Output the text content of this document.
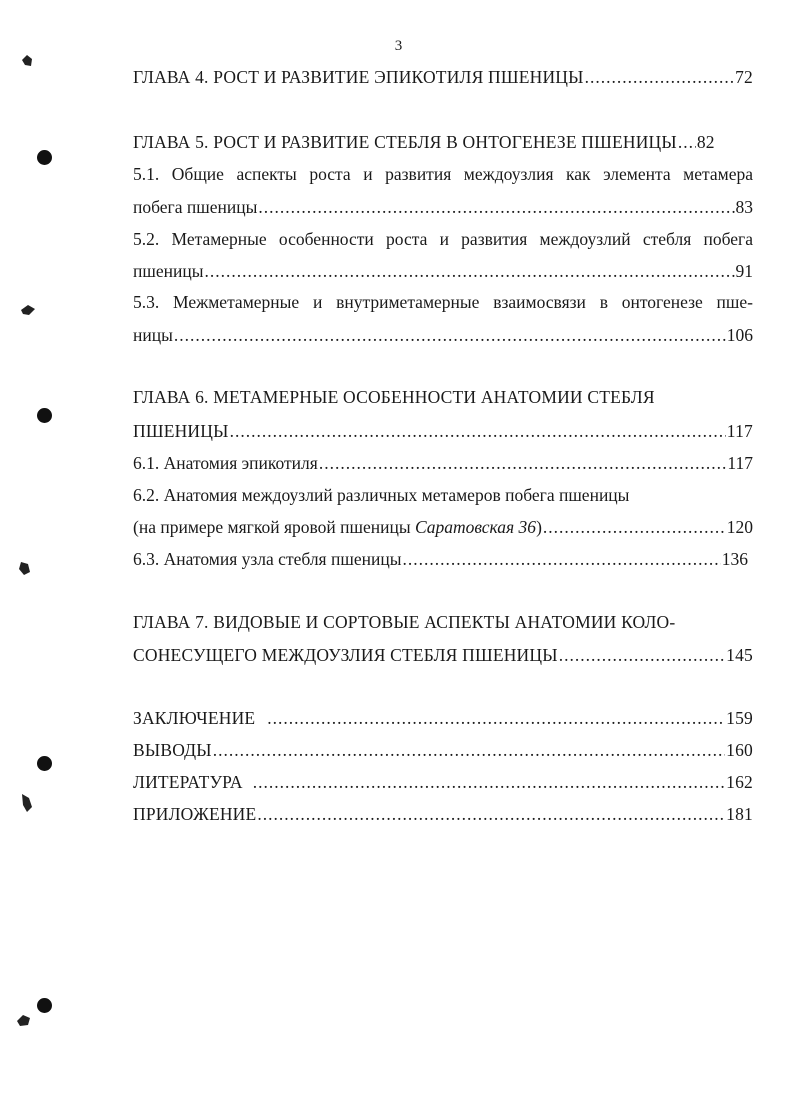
3
ГЛАВА 4. РОСТ И РАЗВИТИЕ ЭПИКОТИЛЯ ПШЕНИЦЫ .....	72
ГЛАВА 5. РОСТ И РАЗВИТИЕ СТЕБЛЯ В ОНТОГЕНЕЗЕ ПШЕНИЦЫ ..... 82
5.1. Общие аспекты роста и развития междоузлия как элемента метамера
побега пшеницы .....	83
5.2. Метамерные особенности роста и развития междоузлий стебля побега
пшеницы .....	91
5.3. Межметамерные и внутриметамерные взаимосвязи в онтогенезе пше-
ницы .....	106
ГЛАВА 6. МЕТАМЕРНЫЕ ОСОБЕННОСТИ АНАТОМИИ СТЕБЛЯ
ПШЕНИЦЫ .....	117
6.1. Анатомия эпикотиля .....	117
6.2. Анатомия междоузлий различных метамеров побега пшеницы
(на примере мягкой яровой пшеницы Саратовская 36) .....	120
6.3. Анатомия узла стебля пшеницы .....	136
ГЛАВА 7. ВИДОВЫЕ И СОРТОВЫЕ АСПЕКТЫ АНАТОМИИ КОЛО-
СОНЕСУЩЕГО МЕЖДОУЗЛИЯ СТЕБЛЯ ПШЕНИЦЫ .....	145
ЗАКЛЮЧЕНИЕ .....	159
ВЫВОДЫ .....	160
ЛИТЕРАТУРА .....	162
ПРИЛОЖЕНИЕ .....	181
